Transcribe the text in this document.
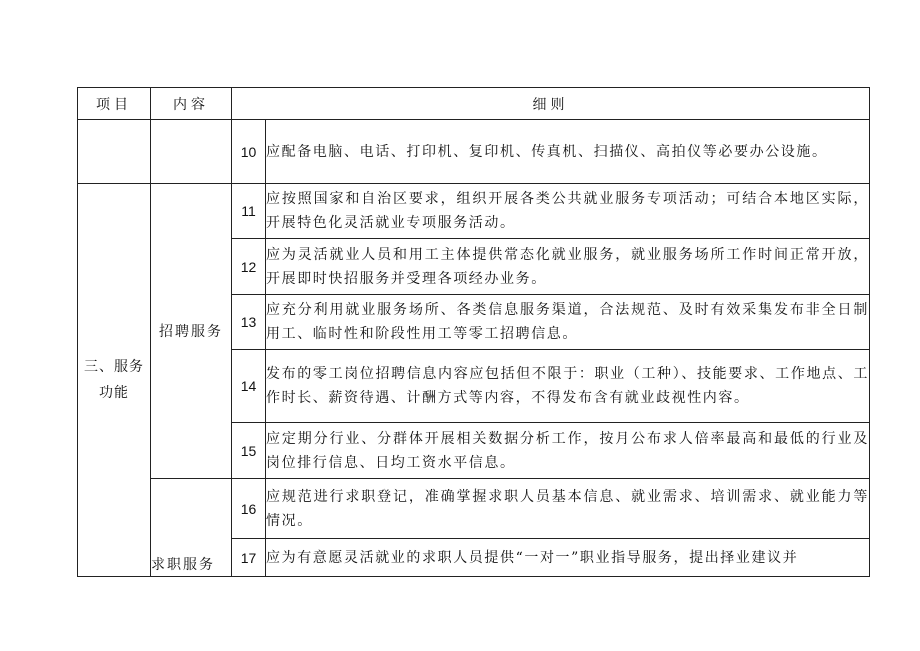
项目	内容	细则	
		10	应配备电脑、电话、打印机、复印机、传真机、扫描仪、高拍仪等必要办公设施。

三、服务
功能	招聘服务	11	应按照国家和自治区要求，组织开展各类公共就业服务专项活动；可结合本地区实际，开展特色化灵活就业专项服务活动。
		12	应为灵活就业人员和用工主体提供常态化就业服务，就业服务场所工作时间正常开放，开展即时快招服务并受理各项经办业务。
		13	应充分利用就业服务场所、各类信息服务渠道，合法规范、及时有效采集发布非全日制用工、临时性和阶段性用工等零工招聘信息。
		14	发布的零工岗位招聘信息内容应包括但不限于：职业（工种）、技能要求、工作地点、工作时长、薪资待遇、计酬方式等内容，不得发布含有就业歧视性内容。
		15	应定期分行业、分群体开展相关数据分析工作，按月公布求人倍率最高和最低的行业及岗位排行信息、日均工资水平信息。
	求职服务	16	应规范进行求职登记，准确掌握求职人员基本信息、就业需求、培训需求、就业能力等情况。
		17	应为有意愿灵活就业的求职人员提供“一对一”职业指导服务，提出择业建议并
